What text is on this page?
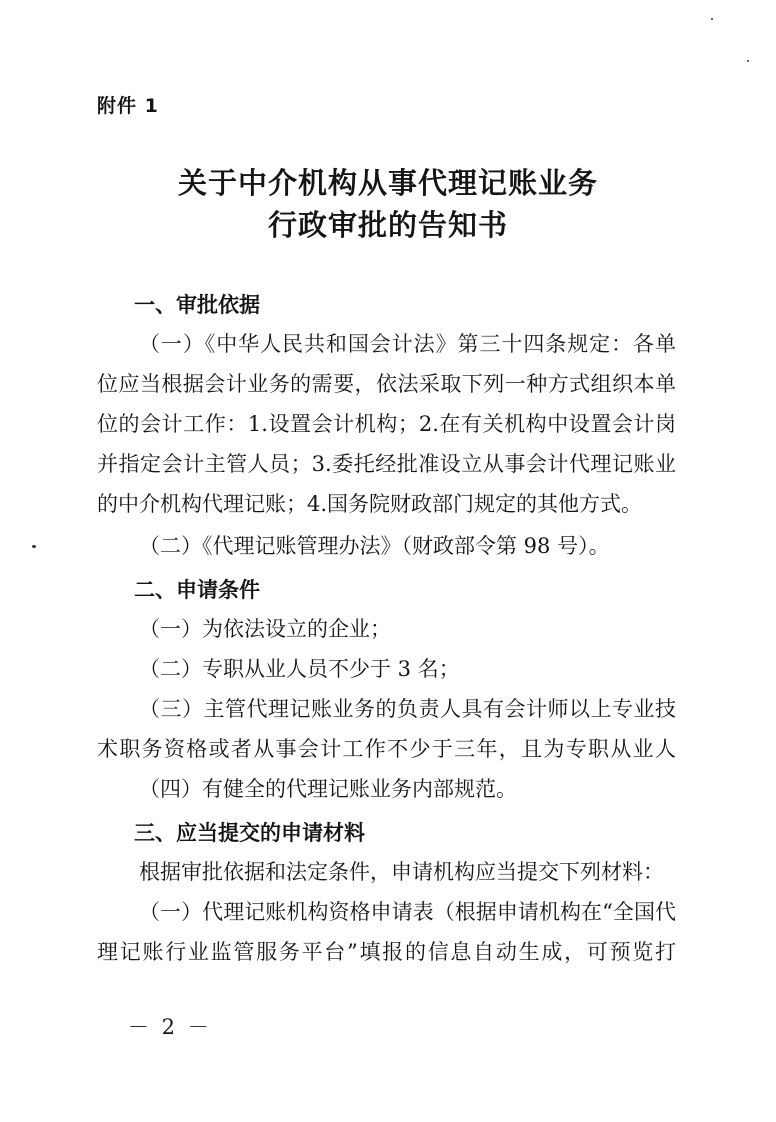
附件 1
关于中介机构从事代理记账业务
行政审批的告知书
一、审批依据
（一）《中华人民共和国会计法》第三十四条规定：各单
位应当根据会计业务的需要，依法采取下列一种方式组织本单
位的会计工作：1.设置会计机构；2.在有关机构中设置会计岗
并指定会计主管人员；3.委托经批准设立从事会计代理记账业
的中介机构代理记账；4.国务院财政部门规定的其他方式。
（二）《代理记账管理办法》（财政部令第 98 号）。
二、申请条件
（一）为依法设立的企业；
（二）专职从业人员不少于 3 名；
（三）主管代理记账业务的负责人具有会计师以上专业技
术职务资格或者从事会计工作不少于三年，且为专职从业人
（四）有健全的代理记账业务内部规范。
三、应当提交的申请材料
根据审批依据和法定条件，申请机构应当提交下列材料：
（一）代理记账机构资格申请表（根据申请机构在“全国代
理记账行业监管服务平台”填报的信息自动生成，可预览打
－ 2 －
